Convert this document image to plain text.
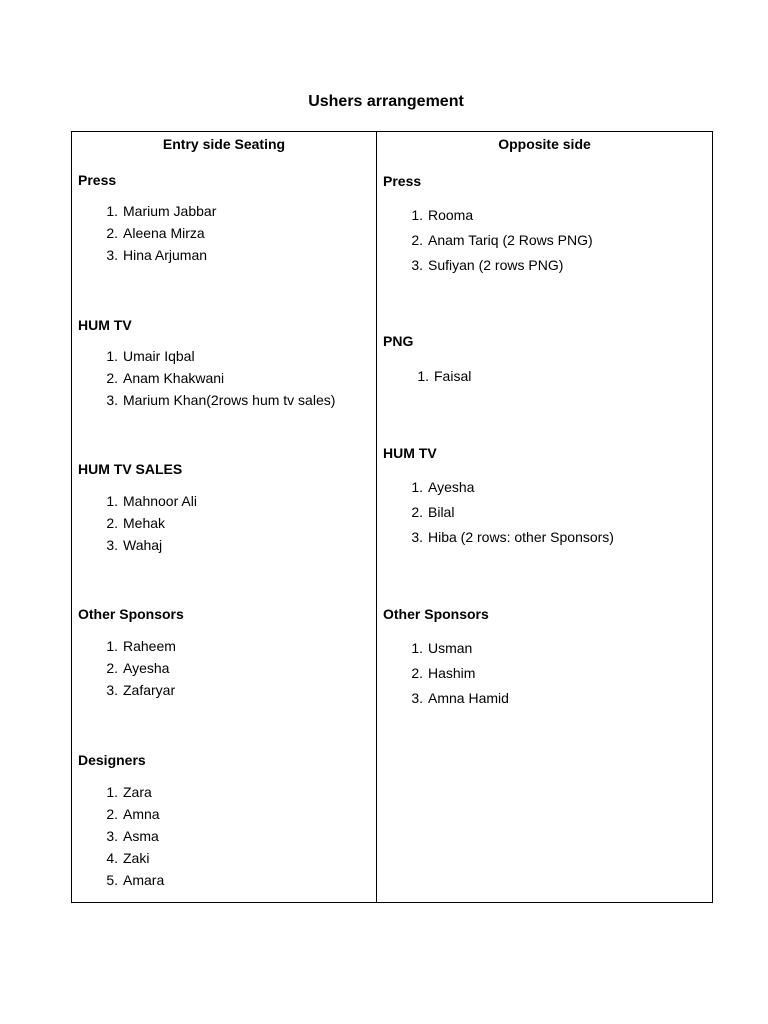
Ushers arrangement
Entry side Seating
Press
1. Marium Jabbar
2. Aleena Mirza
3. Hina Arjuman
HUM TV
1. Umair Iqbal
2. Anam Khakwani
3. Marium Khan(2rows hum tv sales)
HUM TV SALES
1. Mahnoor Ali
2. Mehak
3. Wahaj
Other Sponsors
1. Raheem
2. Ayesha
3. Zafaryar
Designers
1. Zara
2. Amna
3. Asma
4. Zaki
5. Amara
Opposite side
Press
1. Rooma
2. Anam Tariq (2 Rows PNG)
3. Sufiyan (2 rows PNG)
PNG
1. Faisal
HUM TV
1. Ayesha
2. Bilal
3. Hiba (2 rows: other Sponsors)
Other Sponsors
1. Usman
2. Hashim
3. Amna Hamid
